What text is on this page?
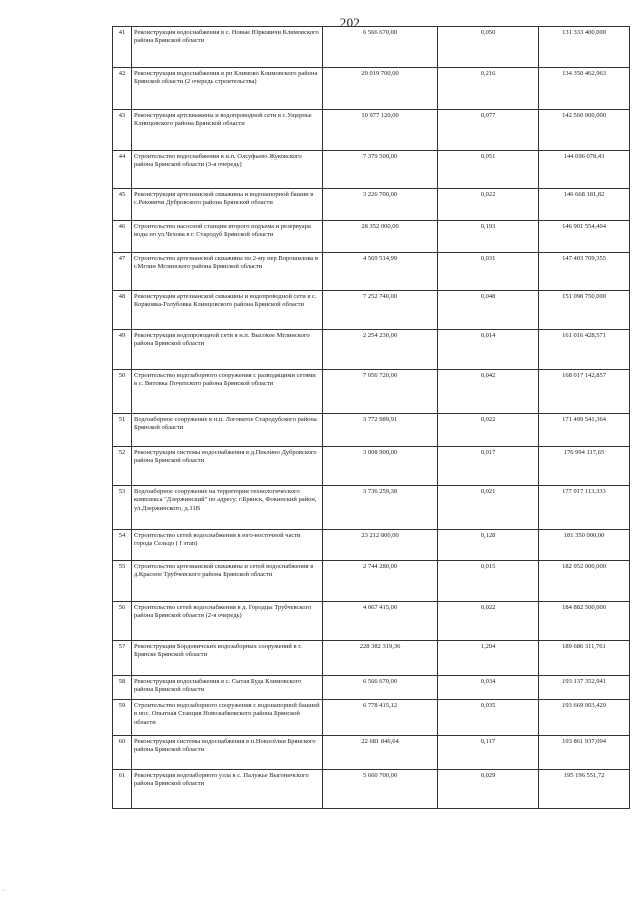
202
41	Реконструкция водоснабжения в с. Новые Юрковичи Климовского района Брянской области	6 566 670,00	0,050	131 333 400,000
42	Реконструкция водоснабжения в рп Климово Климовского района Брянской области (2 очередь строительства)	29 019 700,00	0,216	134 350 462,963
43	Реконструкция артскважины и водопроводной сети в с.Ущерпье Клинцовского района Брянской области	10 977 120,00	0,077	142 560 000,000
44	Строительство водоснабжения в н.п. Олсуфьево Жуковского района Брянской области (3-я очередь)	7 379 500,00	0,051	144 696 078,43
45	Реконструкция артезианской скважины и водонапорной башни в с.Рековичи Дубровского района Брянской области	3 226 700,00	0,022	146 668 181,82
46	Строительство насосной станции второго подъема и резервуара воды по ул.Чехова в г. Стародуб Брянской области	28 352 000,00	0,193	146 901 554,404
47	Строительство артезианской скважины по 2-му пер Ворошилова в г.Мглин Мглинского района Брянской области	4 569 514,99	0,031	147 403 709,355
48	Реконструкция артезианской скважины и водопроводной сети в с. Коржовка-Голубовка Клинцовского района Брянской области	7 252 740,00	0,048	151 098 750,000
49	Реконструкция водопроводной сети в н.п. Высокое Мглинского района Брянской области	2 254 230,00	0,014	161 016 428,571
50	Строительство водозаборного сооружения с разводящими сетями в с. Витовка Почепского района Брянской области	7 056 720,00	0,042	168 017 142,857
51	Водозаборное сооружение в н.п. Логоватое Стародубского района Брянской области	3 772 989,91	0,022	171 499 541,364
52	Реконструкция системы водоснабжения в д.Пеклино Дубровского района Брянской области	3 008 900,00	0,017	176 994 117,65
53	Водозаборное сооружение на территории технологического комплекса "Дзержинский" по адресу: г.Брянск, Фокинский район, ул.Дзержинского, д.11В	3 736 259,38	0,021	177 917 113,333
54	Строительство сетей водоснабжения в юго-восточной части города Сельцо ( I этап)	23 212 800,00	0,128	181 350 000,00
55	Строительство артезианской скважины и сетей водоснабжения в д.Красное Трубчевского района Брянской области	2 744 280,00	0,015	182 952 000,000
56	Строительство сетей водоснабжения в д. Городцы Трубчевского района Брянской области (2-я очередь)	4 067 415,00	0,022	184 882 500,000
57	Реконструкция Бордовичских водозаборных сооружений в г. Брянске Брянской области	228 382 319,36	1,204	189 686 311,761
58	Реконструкция водоснабжения в с. Сытая Буда Климовского района Брянской области	6 566 670,00	0,034	193 137 352,941
59	Строительство водозаборного сооружения с водонапорной башней в пос. Опытная Станция Новозыбковского района Брянской области	6 778 415,12	0,035	193 669 003,429
60	Реконструкция системы водоснабжения в п.Новосёлки Брянского района Брянской области	22 681 846,64	0,117	193 861 937,094
61	Реконструкция водозаборного узла в с. Палужье Выгоничского района Брянской области	5 660 700,00	0,029	195 196 551,72
·
